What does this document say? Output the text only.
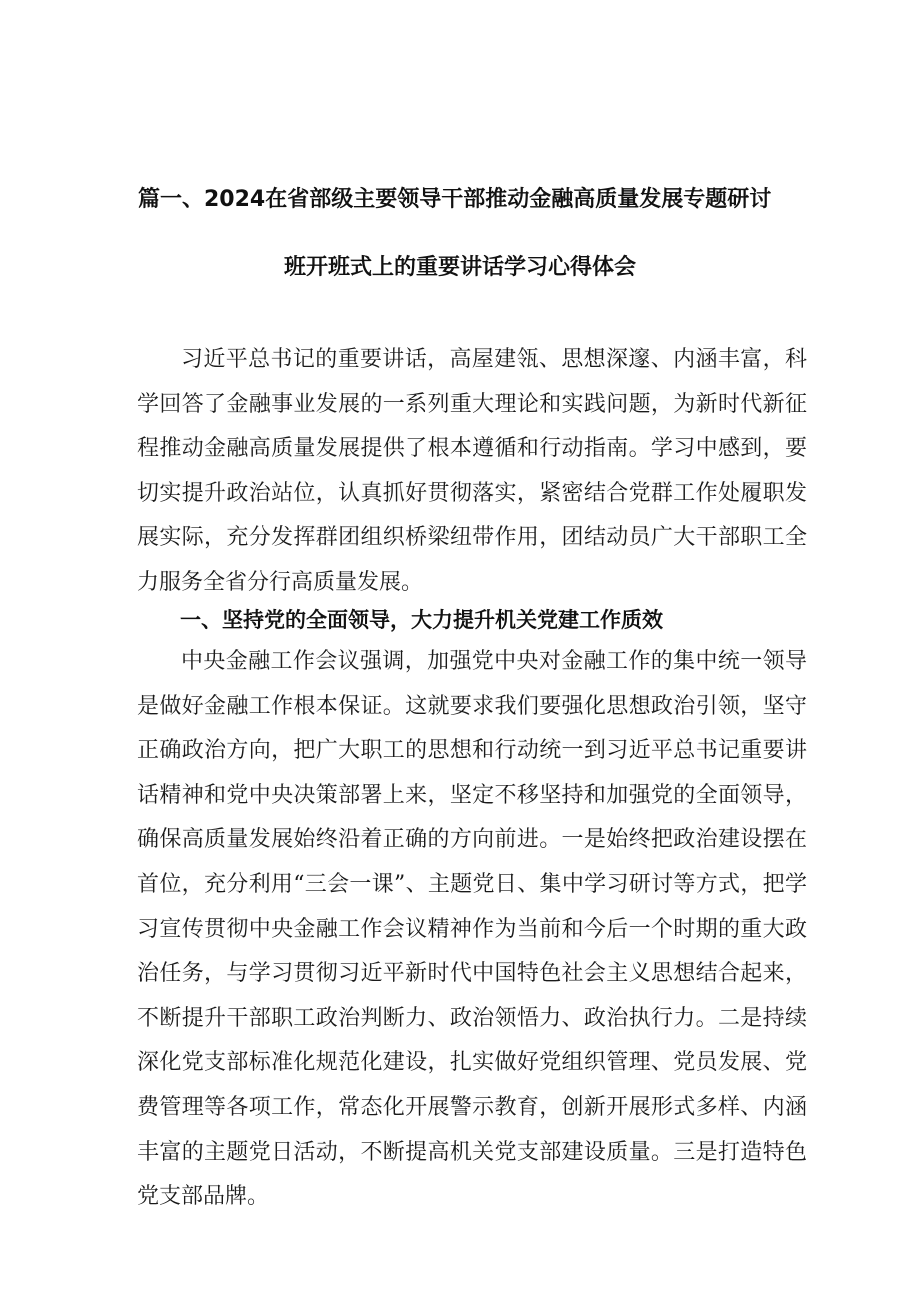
篇一、2024在省部级主要领导干部推动金融高质量发展专题研讨
班开班式上的重要讲话学习心得体会

习近平总书记的重要讲话，高屋建瓴、思想深邃、内涵丰富，科学回答了金融事业发展的一系列重大理论和实践问题，为新时代新征程推动金融高质量发展提供了根本遵循和行动指南。学习中感到，要切实提升政治站位，认真抓好贯彻落实，紧密结合党群工作处履职发展实际，充分发挥群团组织桥梁纽带作用，团结动员广大干部职工全力服务全省分行高质量发展。

一、坚持党的全面领导，大力提升机关党建工作质效

中央金融工作会议强调，加强党中央对金融工作的集中统一领导是做好金融工作根本保证。这就要求我们要强化思想政治引领，坚守正确政治方向，把广大职工的思想和行动统一到习近平总书记重要讲话精神和党中央决策部署上来，坚定不移坚持和加强党的全面领导，确保高质量发展始终沿着正确的方向前进。一是始终把政治建设摆在首位，充分利用“三会一课”、主题党日、集中学习研讨等方式，把学习宣传贯彻中央金融工作会议精神作为当前和今后一个时期的重大政治任务，与学习贯彻习近平新时代中国特色社会主义思想结合起来，不断提升干部职工政治判断力、政治领悟力、政治执行力。二是持续深化党支部标准化规范化建设，扎实做好党组织管理、党员发展、党费管理等各项工作，常态化开展警示教育，创新开展形式多样、内涵丰富的主题党日活动，不断提高机关党支部建设质量。三是打造特色党支部品牌。
